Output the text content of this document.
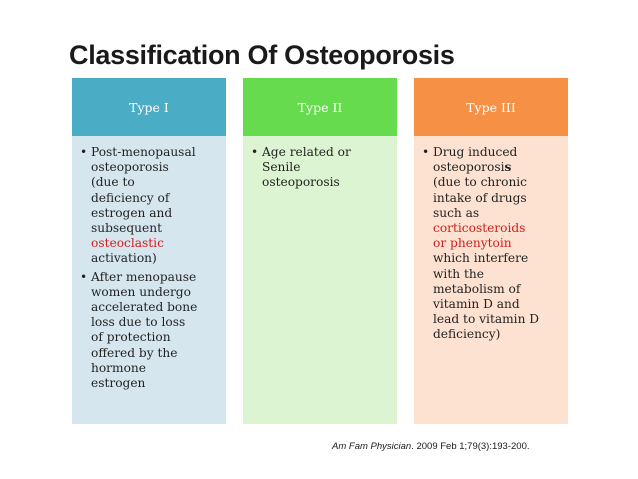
Classification Of Osteoporosis
Type I
• Post-menopausal
osteoporosis
(due to
deficiency of
estrogen and
subsequent
osteoclastic
activation)
• After menopause
women undergo
accelerated bone
loss due to loss
of protection
offered by the
hormone
estrogen
Type II
• Age related or
Senile
osteoporosis
Type III
• Drug induced
osteoporosis
(due to chronic
intake of drugs
such as
corticosteroids
or phenytoin
which interfere
with the
metabolism of
vitamin D and
lead to vitamin D
deficiency)
Am Fam Physician. 2009 Feb 1;79(3):193-200.
